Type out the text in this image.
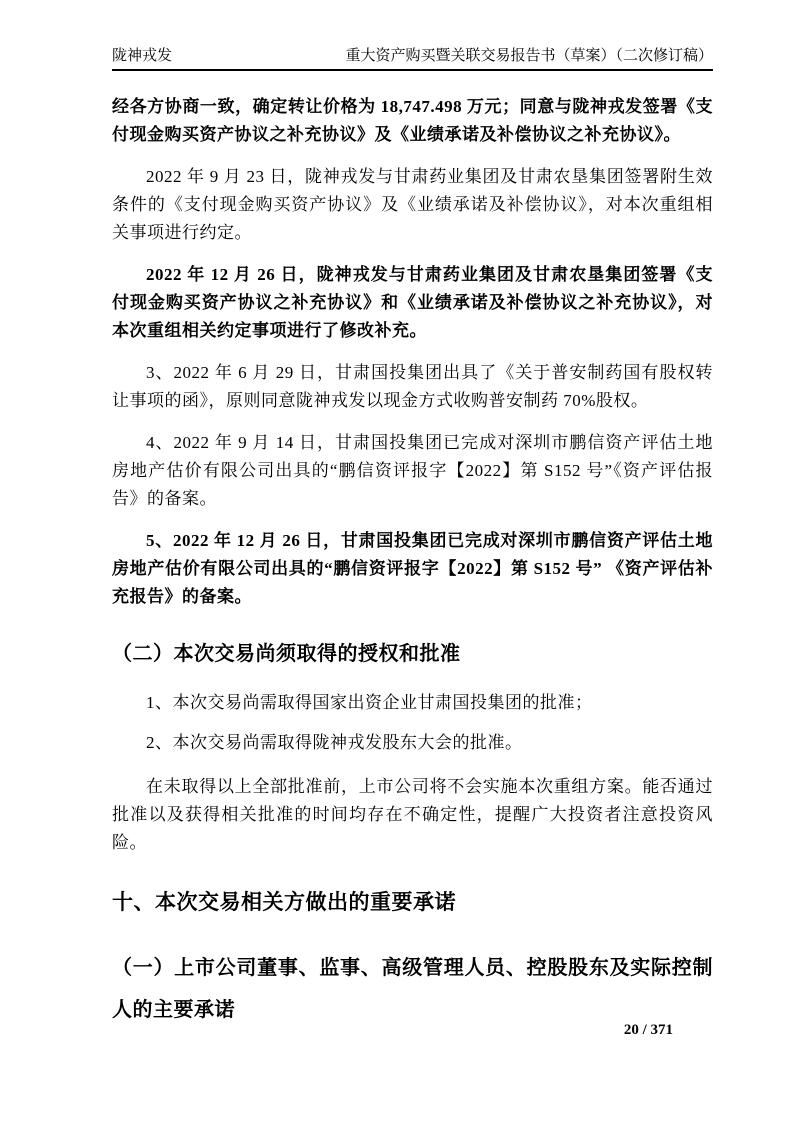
陇神戎发	重大资产购买暨关联交易报告书（草案）（二次修订稿）

经各方协商一致，确定转让价格为 18,747.498 万元；同意与陇神戎发签署《支付现金购买资产协议之补充协议》及《业绩承诺及补偿协议之补充协议》。

2022 年 9 月 23 日，陇神戎发与甘肃药业集团及甘肃农垦集团签署附生效条件的《支付现金购买资产协议》及《业绩承诺及补偿协议》，对本次重组相关事项进行约定。

2022 年 12 月 26 日，陇神戎发与甘肃药业集团及甘肃农垦集团签署《支付现金购买资产协议之补充协议》和《业绩承诺及补偿协议之补充协议》，对本次重组相关约定事项进行了修改补充。

3、2022 年 6 月 29 日，甘肃国投集团出具了《关于普安制药国有股权转让事项的函》，原则同意陇神戎发以现金方式收购普安制药 70%股权。

4、2022 年 9 月 14 日，甘肃国投集团已完成对深圳市鹏信资产评估土地房地产估价有限公司出具的“鹏信资评报字【2022】第 S152 号”《资产评估报告》的备案。

5、2022 年 12 月 26 日，甘肃国投集团已完成对深圳市鹏信资产评估土地房地产估价有限公司出具的“鹏信资评报字【2022】第 S152 号” 《资产评估补充报告》的备案。

（二）本次交易尚须取得的授权和批准

1、本次交易尚需取得国家出资企业甘肃国投集团的批准；

2、本次交易尚需取得陇神戎发股东大会的批准。

在未取得以上全部批准前，上市公司将不会实施本次重组方案。能否通过批准以及获得相关批准的时间均存在不确定性，提醒广大投资者注意投资风险。

十、本次交易相关方做出的重要承诺
（一）上市公司董事、监事、高级管理人员、控股股东及实际控制人的主要承诺
20 / 371
